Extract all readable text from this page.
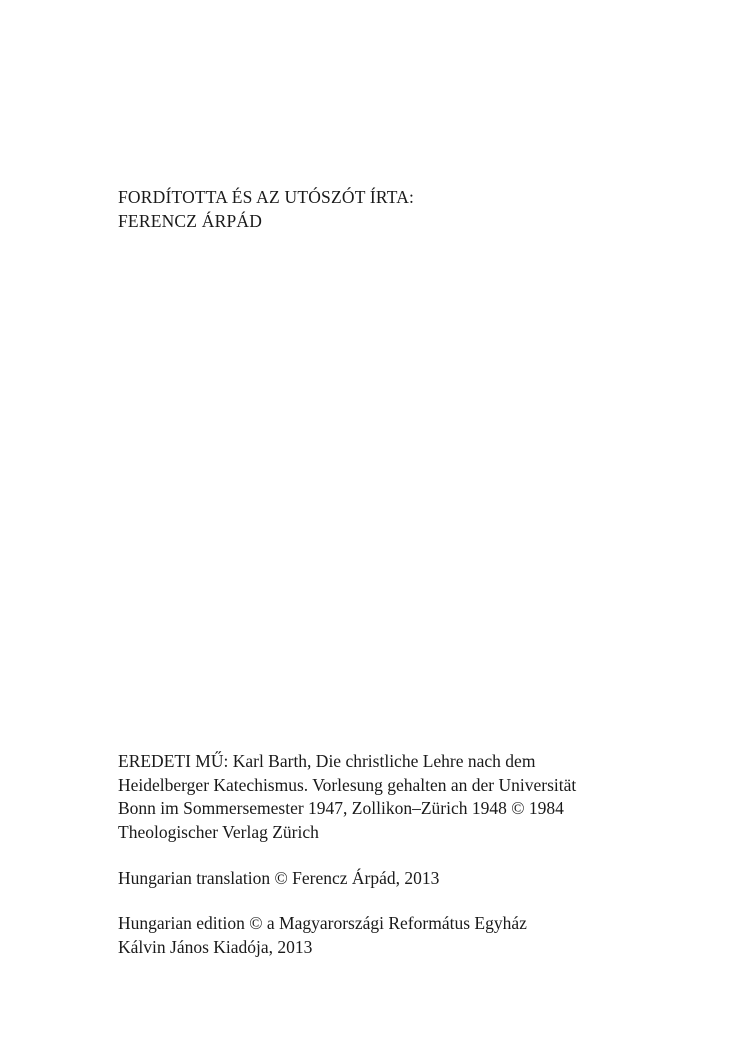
FORDÍTOTTA ÉS AZ UTÓSZÓT ÍRTA:
FERENCZ ÁRPÁD
EREDETI MŰ: Karl Barth, Die christliche Lehre nach dem
Heidelberger Katechismus. Vorlesung gehalten an der Universität
Bonn im Sommersemester 1947, Zollikon–Zürich 1948 © 1984
Theologischer Verlag Zürich
Hungarian translation © Ferencz Árpád, 2013
Hungarian edition © a Magyarországi Református Egyház
Kálvin János Kiadója, 2013
